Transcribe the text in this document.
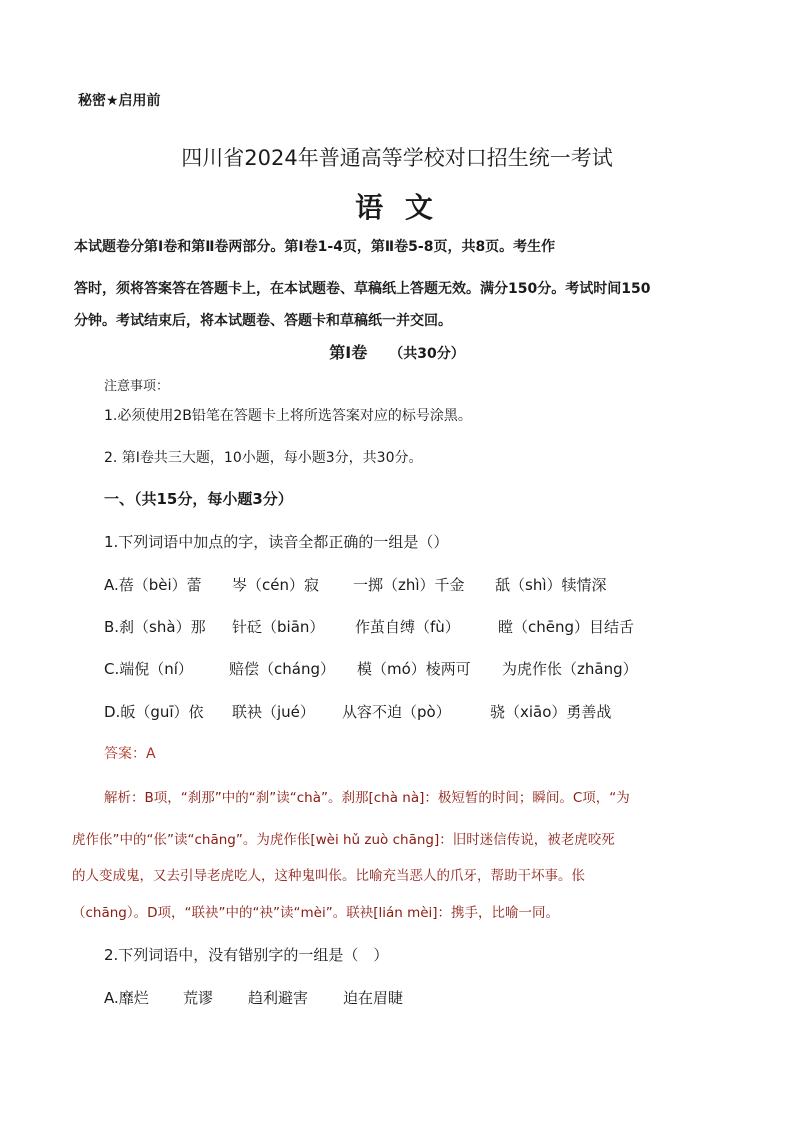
秘密★启用前
四川省2024年普通高等学校对口招生统一考试
语 文
本试题卷分第Ⅰ卷和第Ⅱ卷两部分。第Ⅰ卷1-4页，第Ⅱ卷5-8页，共8页。考生作
答时，须将答案答在答题卡上，在本试题卷、草稿纸上答题无效。满分150分。考试时间150
分钟。考试结束后，将本试题卷、答题卡和草稿纸一并交回。
第Ⅰ卷 （共30分）
注意事项：
1.必须使用2B铅笔在答题卡上将所选答案对应的标号涂黑。
2. 第Ⅰ卷共三大题，10小题，每小题3分，共30分。
一、（共15分，每小题3分）
1.下列词语中加点的字，读音全都正确的一组是（）
A.蓓（bèi）蕾 岑（cén）寂 一掷（zhì）千金 舐（shì）犊情深
B.刹（shà）那 针砭（biān） 作茧自缚（fù）	瞠（chēng）目结舌
C.端倪（ní） 赔偿（cháng） 模（mó）棱两可 为虎作伥（zhāng）
D.皈（guī）依 联袂（jué） 从容不迫（pò）	骁（xiāo）勇善战
答案：A
解析：B项，“刹那”中的“刹”读“chà”。刹那[chà nà]：极短暂的时间；瞬间。C项，“为
虎作伥”中的“伥”读“chāng”。为虎作伥[wèi hǔ zuò chāng]：旧时迷信传说，被老虎咬死
的人变成鬼，又去引导老虎吃人，这种鬼叫伥。比喻充当恶人的爪牙，帮助干坏事。伥
（chāng）。D项，“联袂”中的“袂”读“mèi”。联袂[lián mèi]：携手，比喻一同。
2.下列词语中，没有错别字的一组是（　）
A.靡烂 荒谬 趋利避害 迫在眉睫
